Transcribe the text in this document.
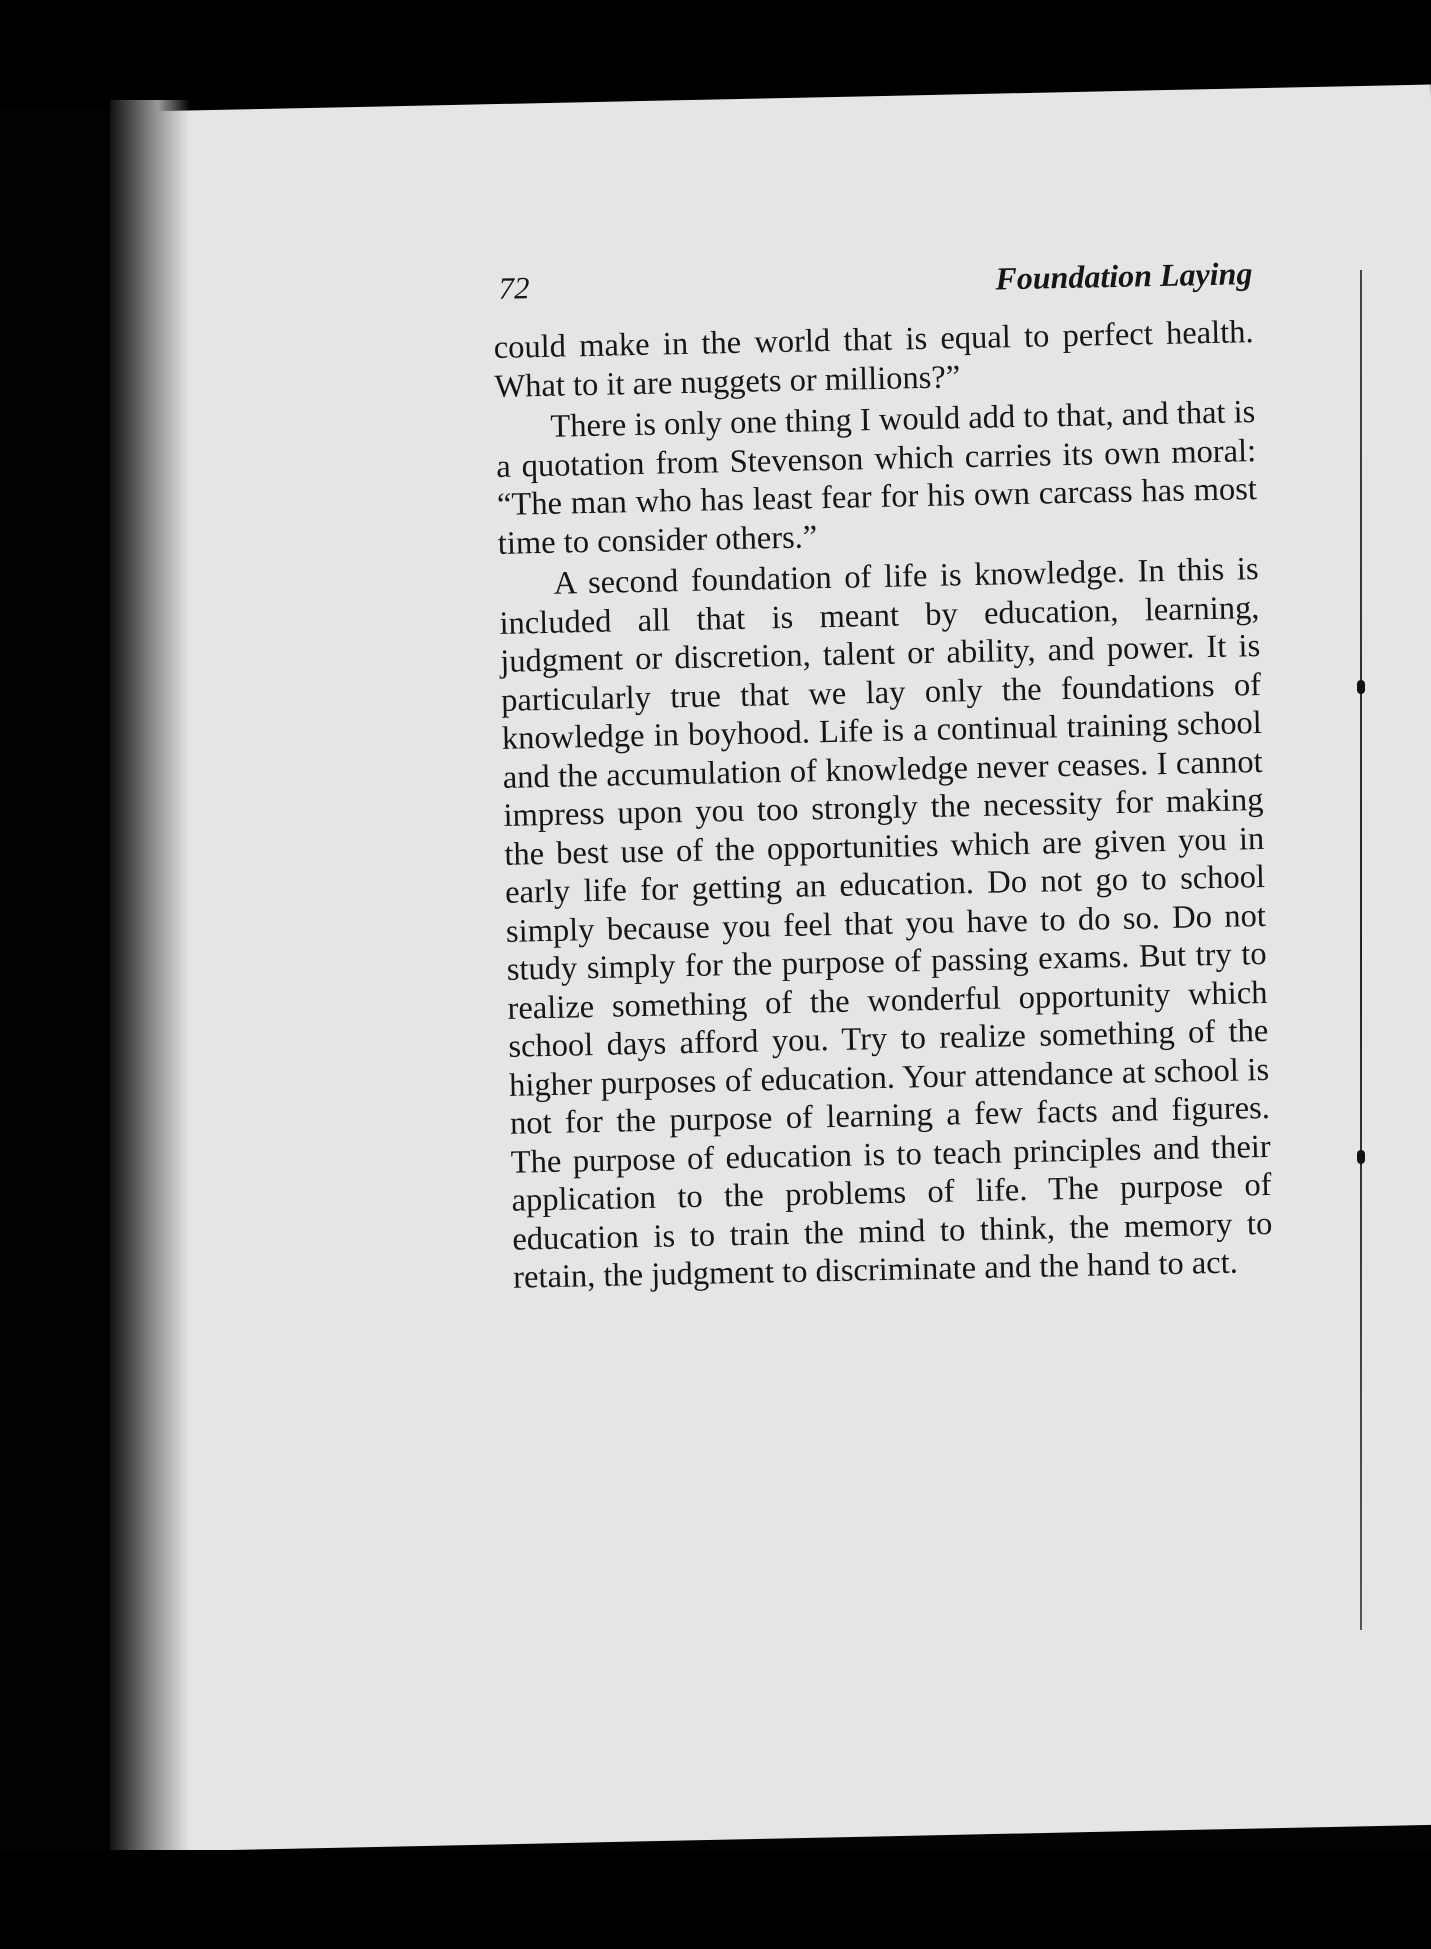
72	Foundation Laying

could make in the world that is equal to perfect health. What to it are nuggets or millions?”

There is only one thing I would add to that, and that is a quotation from Stevenson which carries its own moral: “The man who has least fear for his own carcass has most time to consider others.”

A second foundation of life is knowledge. In this is included all that is meant by education, learning, judgment or discretion, talent or ability, and power. It is particularly true that we lay only the foundations of knowledge in boyhood. Life is a continual training school and the accumulation of knowledge never ceases. I cannot impress upon you too strongly the necessity for making the best use of the opportunities which are given you in early life for getting an education. Do not go to school simply because you feel that you have to do so. Do not study simply for the purpose of passing exams. But try to realize something of the wonderful opportunity which school days afford you. Try to realize something of the higher purposes of education. Your attendance at school is not for the purpose of learning a few facts and figures. The purpose of education is to teach principles and their application to the problems of life. The purpose of education is to train the mind to think, the memory to retain, the judgment to discriminate and the hand to act.
